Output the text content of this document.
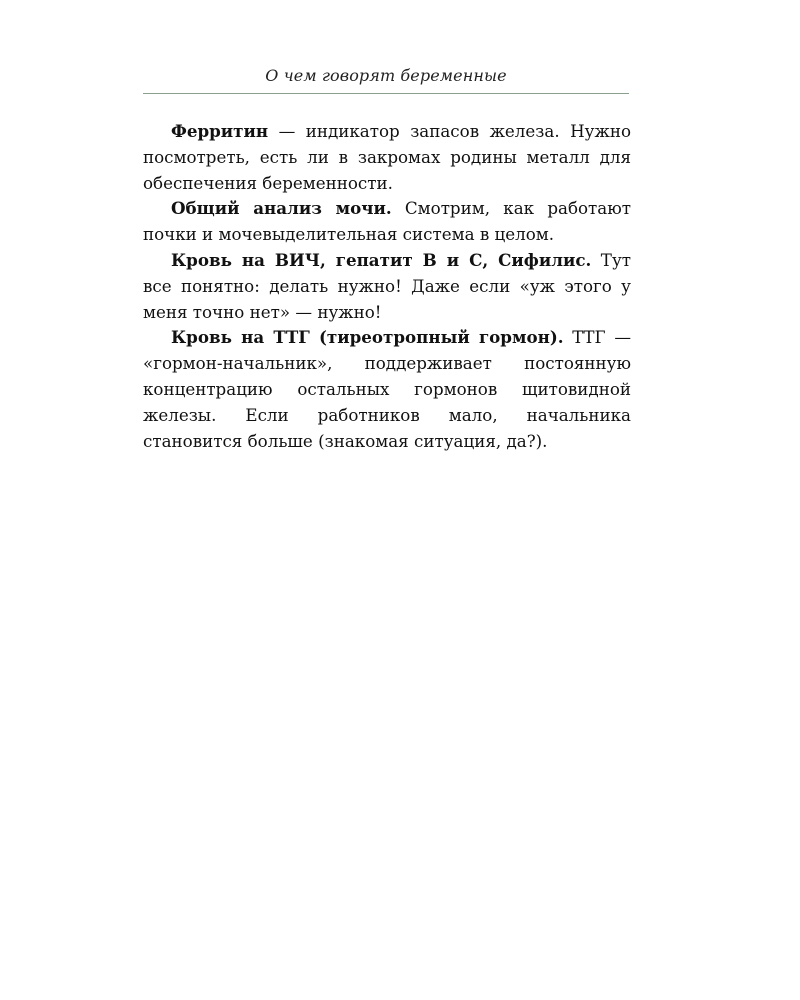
О чем говорят беременные

Ферритин — индикатор запасов железа. Нужно посмотреть, есть ли в закромах родины металл для обеспечения беременности.

Общий анализ мочи. Смотрим, как работают почки и мочевыделительная система в целом.

Кровь на ВИЧ, гепатит В и С, Сифилис. Тут все понятно: делать нужно! Даже если «уж этого у меня точно нет» — нужно!

Кровь на ТТГ (тиреотропный гормон). ТТГ — «гормон-начальник», поддерживает постоянную концентрацию остальных гормонов щитовидной железы. Если работников мало, начальника становится больше (знакомая ситуация, да?).
